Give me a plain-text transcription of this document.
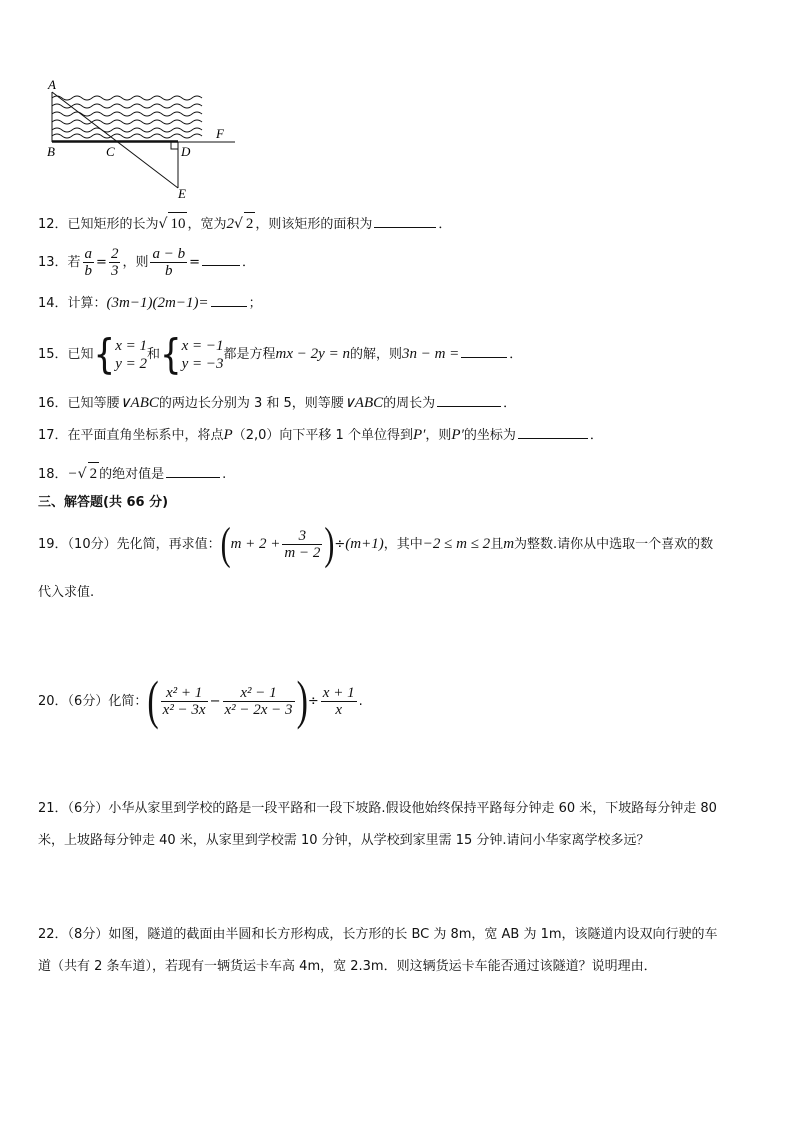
A
B	C	D
E
F
12．已知矩形的长为√ 10 ，宽为2√ 2 ，则该矩形的面积为	．
13．若 $\frac{a}{b} = \frac{2}{3}$ ，则 $\frac{a - b}{b}$ =	．
14．计算：(3m−1)(2m−1)=	；
15．已知{ x = 1
y = 2
和{ x = −1
y = −3
都是方程mx − 2y = n的解，则3n − m =	．
16．已知等腰∨ABC的两边长分别为 3 和 5，则等腰∨ABC的周长为	．
17．在平面直角坐标系中，将点P（2,0）向下平移 1 个单位得到P′，则P′的坐标为	．
18．−√ 2 的绝对值是	.
三、解答题(共 66 分)
19．（10分）先化简，再求值：$(m + 2 + \frac{3}{m - 2} )\div(m+1)$，其中−2 ≤ m ≤ 2且m为整数.请你从中选取一个喜欢的数
代入求值.
20．（6分）化简：( $\frac{\text{x² + 1}}{\text{x² − 3x}} - \frac{\text{x² − 1}}{\text{x² − 2x − 3}}$ )÷ $\frac{x + 1}{x}$ .
21．（6分）小华从家里到学校的路是一段平路和一段下坡路.假设他始终保持平路每分钟走 60 米，下坡路每分钟走 80
米，上坡路每分钟走 40 米，从家里到学校需 10 分钟，从学校到家里需 15 分钟.请问小华家离学校多远？
22．（8分）如图，隧道的截面由半圆和长方形构成，长方形的长 BC 为 8m，宽 AB 为 1m，该隧道内设双向行驶的车
道（共有 2 条车道），若现有一辆货运卡车高 4m，宽 2.3m．则这辆货运卡车能否通过该隧道？说明理由．
